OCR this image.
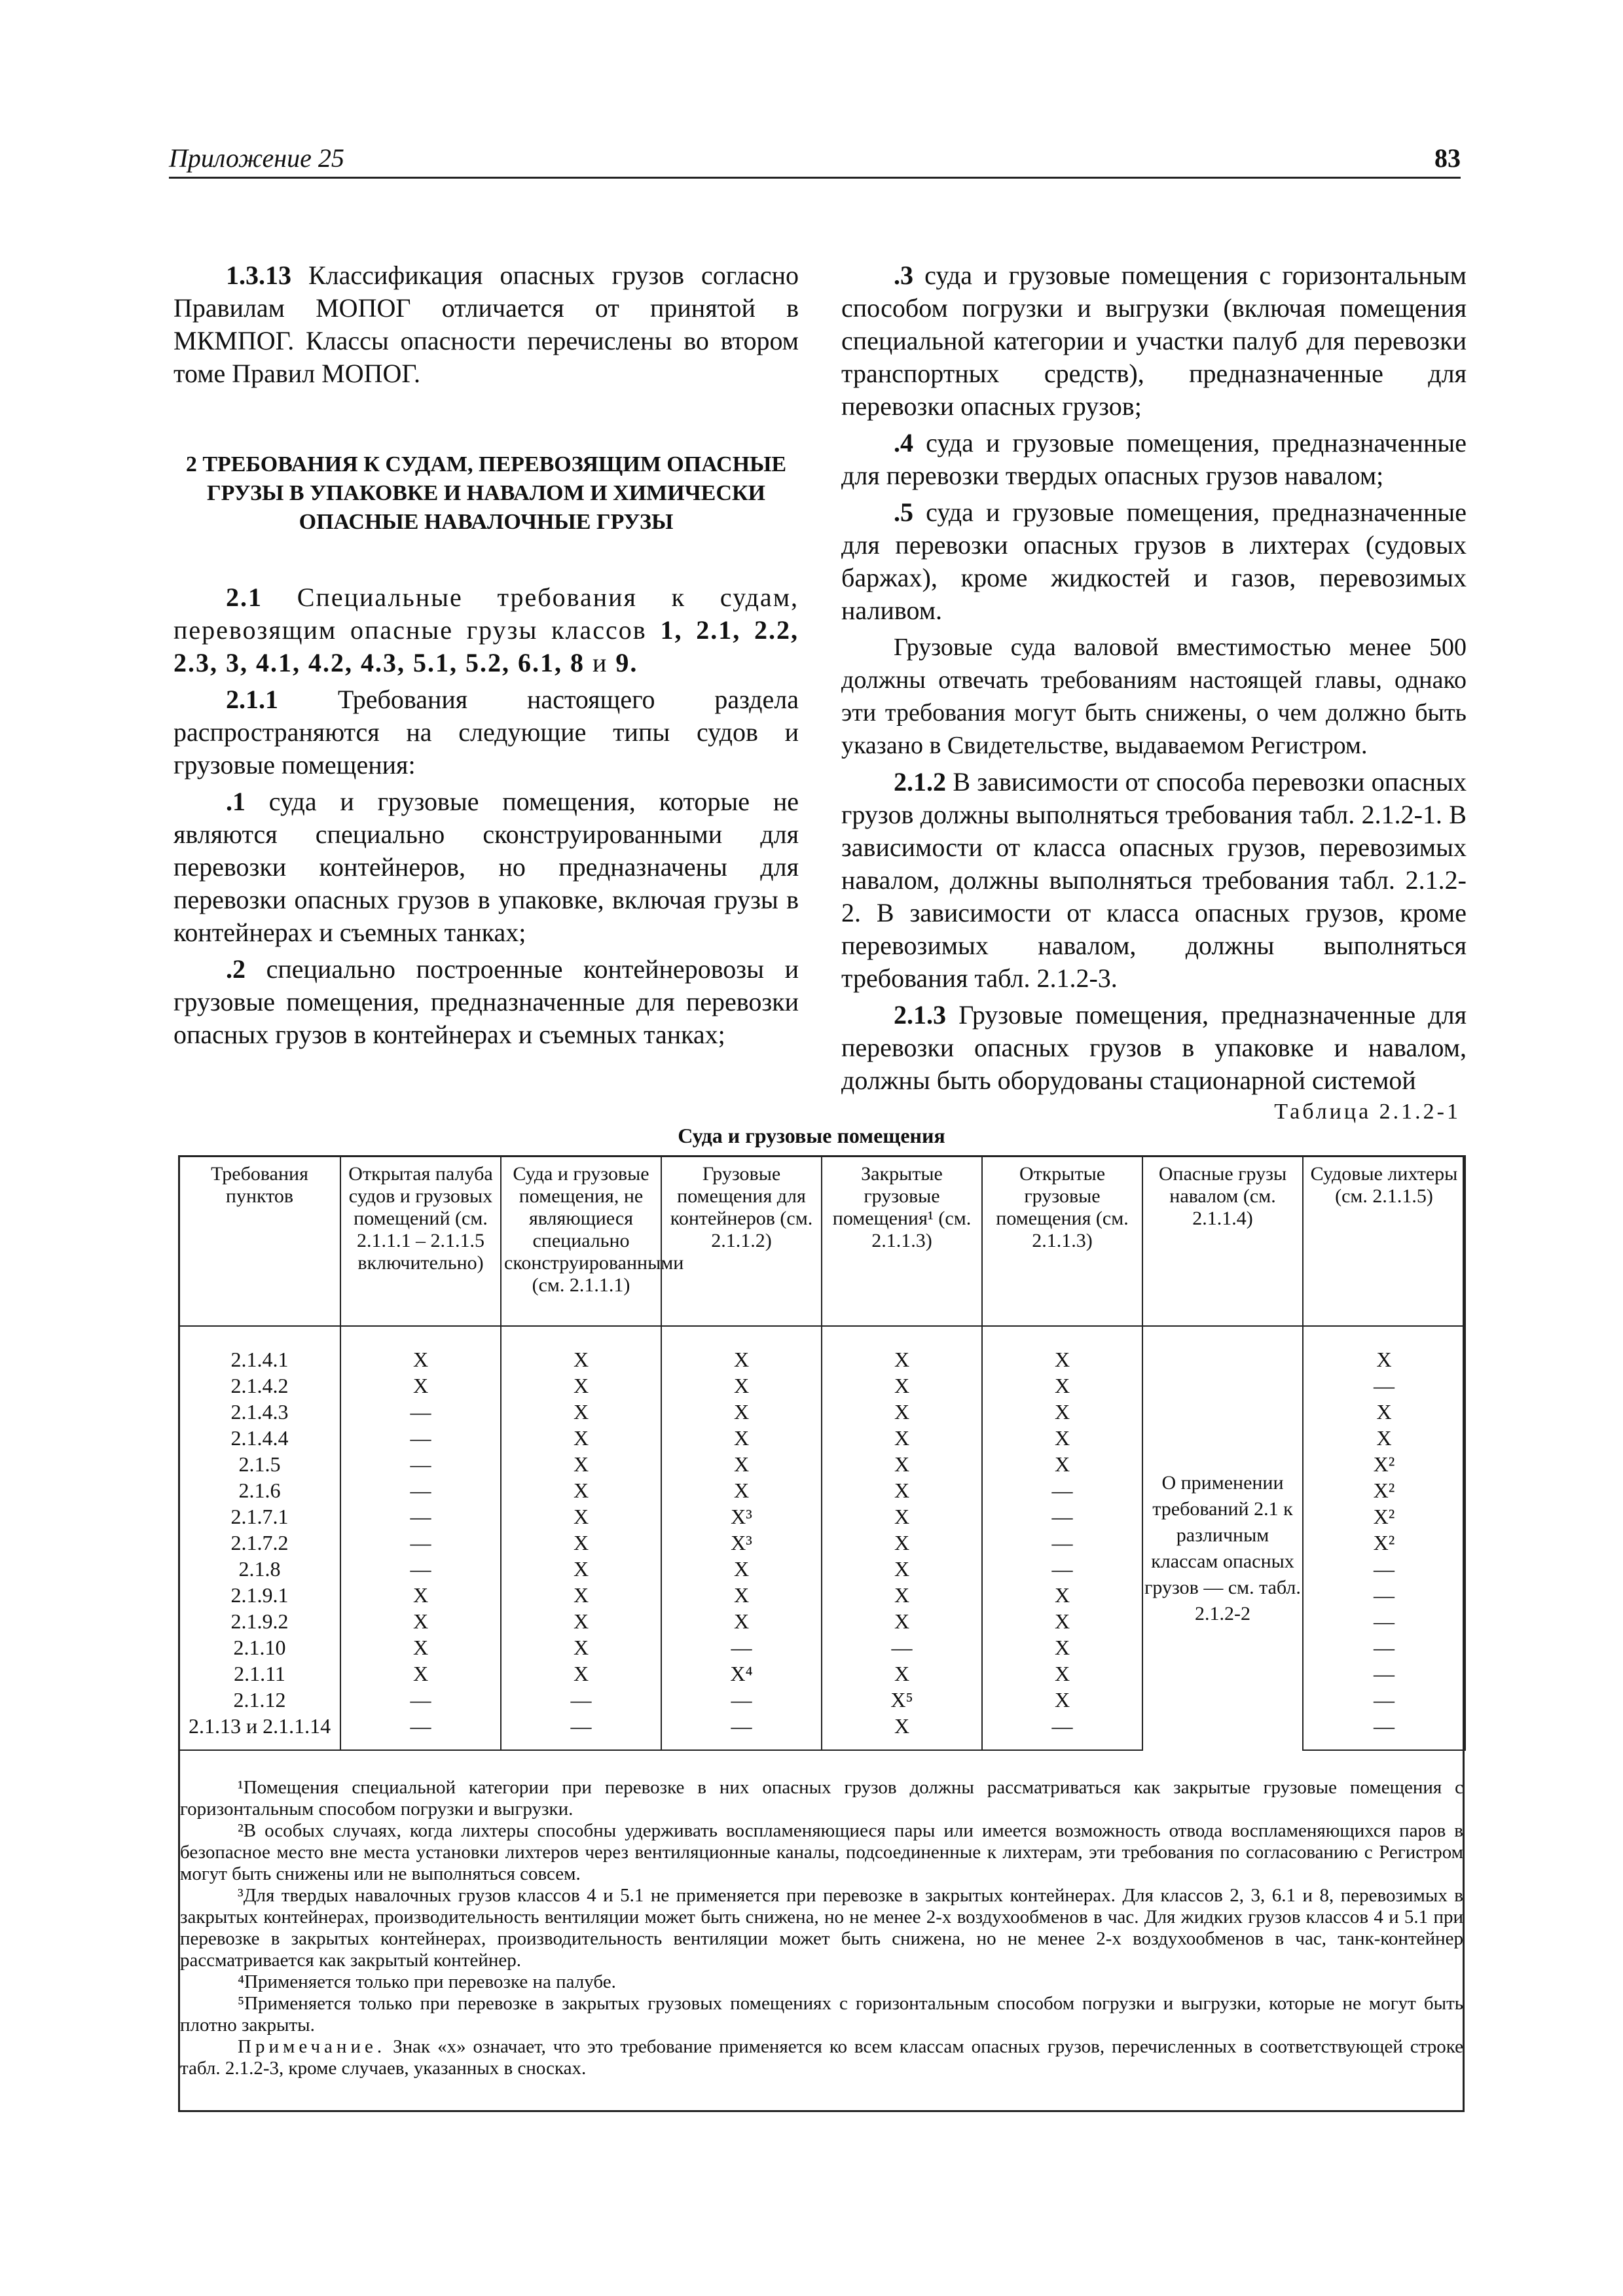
Приложение 25	83

1.3.13 Классификация опасных грузов согласно Правилам МОПОГ отличается от принятой в МКМПОГ. Классы опасности перечислены во втором томе Правил МОПОГ.

2 ТРЕБОВАНИЯ К СУДАМ, ПЕРЕВОЗЯЩИМ ОПАСНЫЕ ГРУЗЫ В УПАКОВКЕ И НАВАЛОМ И ХИМИЧЕСКИ ОПАСНЫЕ НАВАЛОЧНЫЕ ГРУЗЫ

2.1 Специальные требования к судам, перевозящим опасные грузы классов 1, 2.1, 2.2, 2.3, 3, 4.1, 4.2, 4.3, 5.1, 5.2, 6.1, 8 и 9.

2.1.1 Требования настоящего раздела распространяются на следующие типы судов и грузовые помещения:

.1 суда и грузовые помещения, которые не являются специально сконструированными для перевозки контейнеров, но предназначены для перевозки опасных грузов в упаковке, включая грузы в контейнерах и съемных танках;

.2 специально построенные контейнеровозы и грузовые помещения, предназначенные для перевозки опасных грузов в контейнерах и съемных танках;

.3 суда и грузовые помещения с горизонтальным способом погрузки и выгрузки (включая помещения специальной категории и участки палуб для перевозки транспортных средств), предназначенные для перевозки опасных грузов;

.4 суда и грузовые помещения, предназначенные для перевозки твердых опасных грузов навалом;

.5 суда и грузовые помещения, предназначенные для перевозки опасных грузов в лихтерах (судовых баржах), кроме жидкостей и газов, перевозимых наливом.

Грузовые суда валовой вместимостью менее 500 должны отвечать требованиям настоящей главы, однако эти требования могут быть снижены, о чем должно быть указано в Свидетельстве, выдаваемом Регистром.

2.1.2 В зависимости от способа перевозки опасных грузов должны выполняться требования табл. 2.1.2-1. В зависимости от класса опасных грузов, перевозимых навалом, должны выполняться требования табл. 2.1.2-2. В зависимости от класса опасных грузов, кроме перевозимых навалом, должны выполняться требования табл. 2.1.2-3.

2.1.3 Грузовые помещения, предназначенные для перевозки опасных грузов в упаковке и навалом, должны быть оборудованы стационарной системой

Таблица 2.1.2-1
Суда и грузовые помещения
Требования пунктов	Открытая палуба судов и грузовых помещений (см. 2.1.1.1 – 2.1.1.5 включительно)	Суда и грузовые помещения, не являющиеся специально сконструированными (см. 2.1.1.1)	Грузовые помещения для контейнеров (см. 2.1.1.2)	Закрытые грузовые помещения¹ (см. 2.1.1.3)	Открытые грузовые помещения (см. 2.1.1.3)	Опасные грузы навалом (см. 2.1.1.4)	Судовые лихтеры (см. 2.1.1.5)
2.1.4.1	X	X	X	X	X	О применении требований 2.1 к различным классам опасных грузов — см. табл. 2.1.2-2	X
2.1.4.2	X	X	X	X	X		—
2.1.4.3	—	X	X	X	X		X
2.1.4.4	—	X	X	X	X		X
2.1.5	—	X	X	X	X		X²
2.1.6	—	X	X	X	—		X²
2.1.7.1	—	X	X³	X	—		X²
2.1.7.2	—	X	X³	X	—		X²
2.1.8	—	X	X	X	—		—
2.1.9.1	X	X	X	X	X		—
2.1.9.2	X	X	X	X	X		—
2.1.10	X	X	—	—	X		—
2.1.11	X	X	X⁴	X	X		—
2.1.12	—	—	—	X⁵	X		—
2.1.13 и 2.1.1.14	—	—	—	X	—		—

¹Помещения специальной категории при перевозке в них опасных грузов должны рассматриваться как закрытые грузовые помещения с горизонтальным способом погрузки и выгрузки.

²В особых случаях, когда лихтеры способны удерживать воспламеняющиеся пары или имеется возможность отвода воспламеняющихся паров в безопасное место вне места установки лихтеров через вентиляционные каналы, подсоединенные к лихтерам, эти требования по согласованию с Регистром могут быть снижены или не выполняться совсем.

³Для твердых навалочных грузов классов 4 и 5.1 не применяется при перевозке в закрытых контейнерах. Для классов 2, 3, 6.1 и 8, перевозимых в закрытых контейнерах, производительность вентиляции может быть снижена, но не менее 2-х воздухообменов в час. Для жидких грузов классов 4 и 5.1 при перевозке в закрытых контейнерах, производительность вентиляции может быть снижена, но не менее 2-х воздухообменов в час, танк-контейнер рассматривается как закрытый контейнер.

⁴Применяется только при перевозке на палубе.

⁵Применяется только при перевозке в закрытых грузовых помещениях с горизонтальным способом погрузки и выгрузки, которые не могут быть плотно закрыты.

Примечание. Знак «x» означает, что это требование применяется ко всем классам опасных грузов, перечисленных в соответствующей строке табл. 2.1.2-3, кроме случаев, указанных в сносках.
